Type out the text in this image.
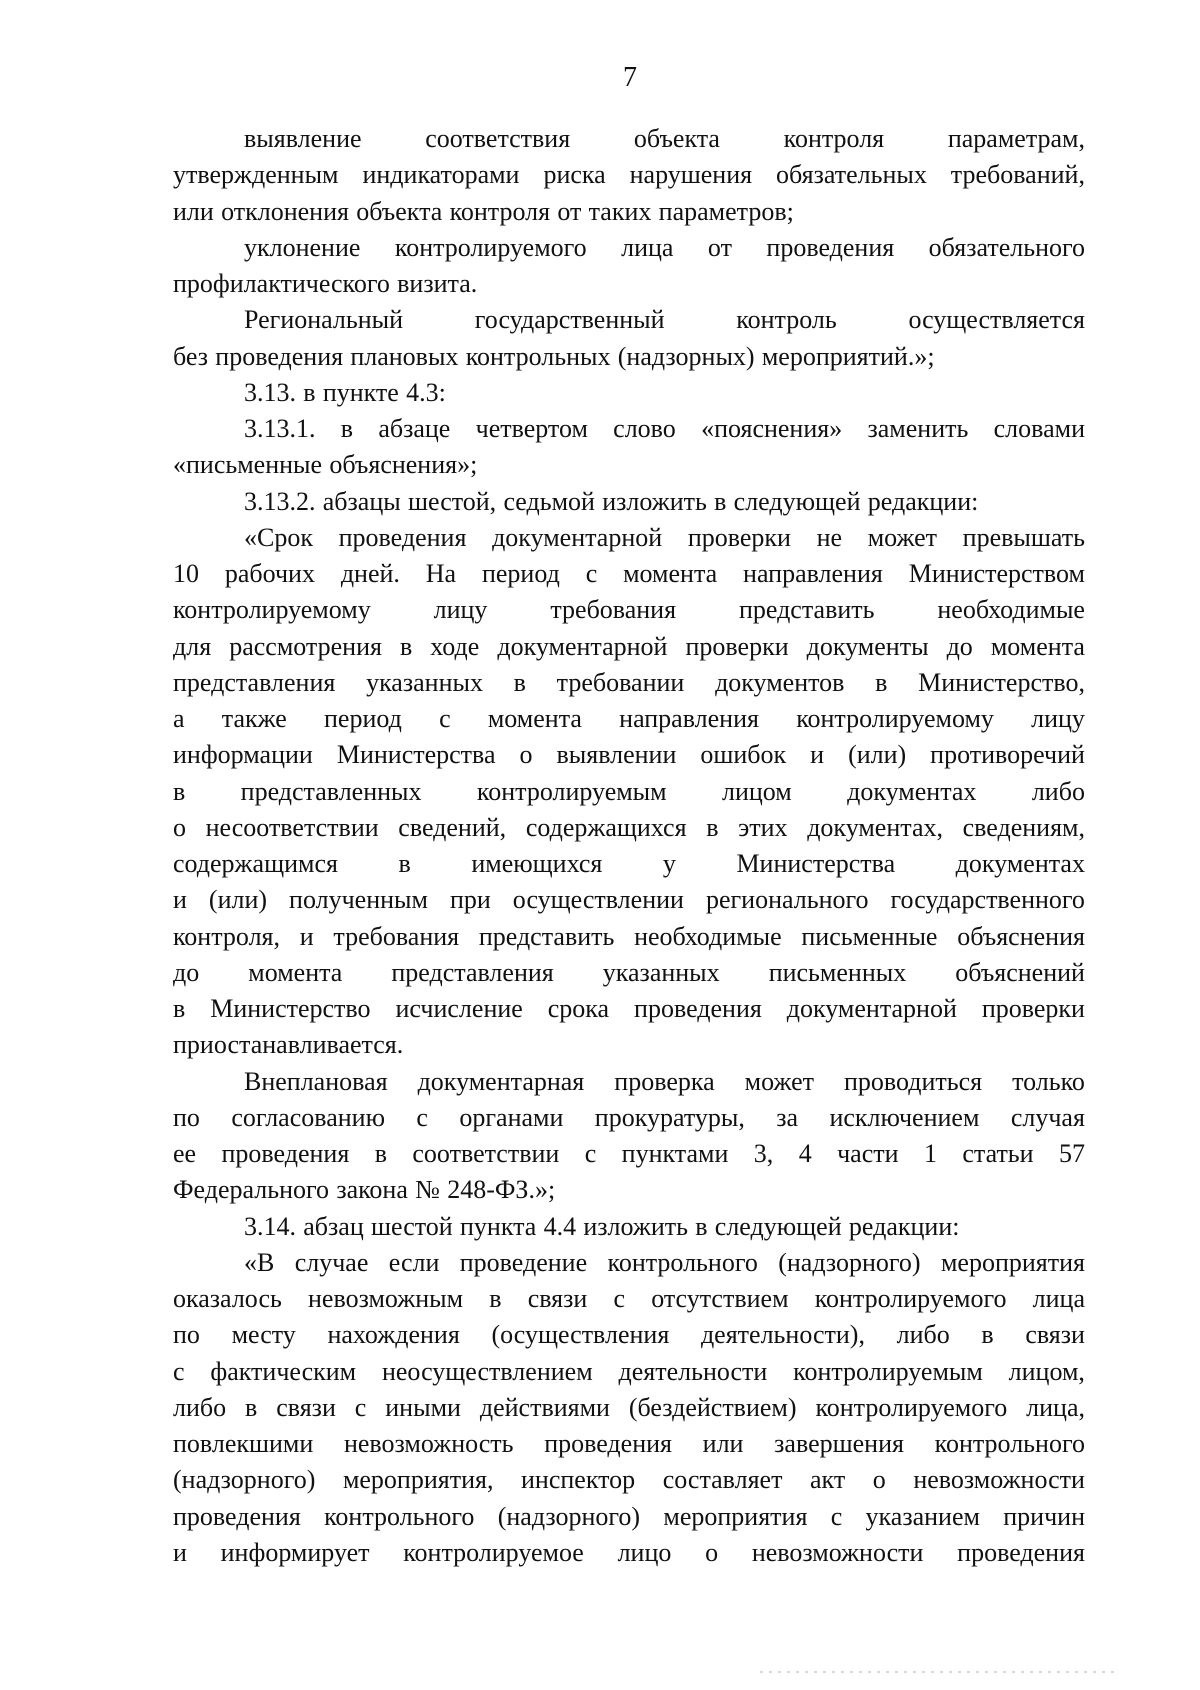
7
выявление соответствия объекта контроля параметрам,
утвержденным индикаторами риска нарушения обязательных требований,
или отклонения объекта контроля от таких параметров;
уклонение контролируемого лица от проведения обязательного
профилактического визита.
Региональный	государственный	контроль	осуществляется
без проведения плановых контрольных (надзорных) мероприятий.»;
3.13. в пункте 4.3:
3.13.1. в абзаце четвертом слово «пояснения» заменить словами
«письменные объяснения»;
3.13.2. абзацы шестой, седьмой изложить в следующей редакции:
«Срок проведения документарной проверки не может превышать
10 рабочих дней. На период с момента направления Министерством
контролируемому лицу требования представить необходимые
для рассмотрения в ходе документарной проверки документы до момента
представления указанных в требовании документов в Министерство,
а также период с момента направления контролируемому лицу
информации Министерства о выявлении ошибок и (или) противоречий
в представленных контролируемым лицом документах либо
о несоответствии сведений, содержащихся в этих документах, сведениям,
содержащимся в имеющихся у Министерства документах
и (или) полученным при осуществлении регионального государственного
контроля, и требования представить необходимые письменные объяснения
до момента представления указанных письменных объяснений
в Министерство исчисление срока проведения документарной проверки
приостанавливается.
Внеплановая документарная проверка может проводиться только
по согласованию с органами прокуратуры, за исключением случая
ее проведения в соответствии с пунктами 3, 4 части 1 статьи 57
Федерального закона № 248-ФЗ.»;
3.14. абзац шестой пункта 4.4 изложить в следующей редакции:
«В случае если проведение контрольного (надзорного) мероприятия
оказалось невозможным в связи с отсутствием контролируемого лица
по месту нахождения (осуществления деятельности), либо в связи
с фактическим неосуществлением деятельности контролируемым лицом,
либо в связи с иными действиями (бездействием) контролируемого лица,
повлекшими невозможность проведения или завершения контрольного
(надзорного) мероприятия, инспектор составляет акт о невозможности
проведения контрольного (надзорного) мероприятия с указанием причин
и информирует контролируемое лицо о невозможности проведения
